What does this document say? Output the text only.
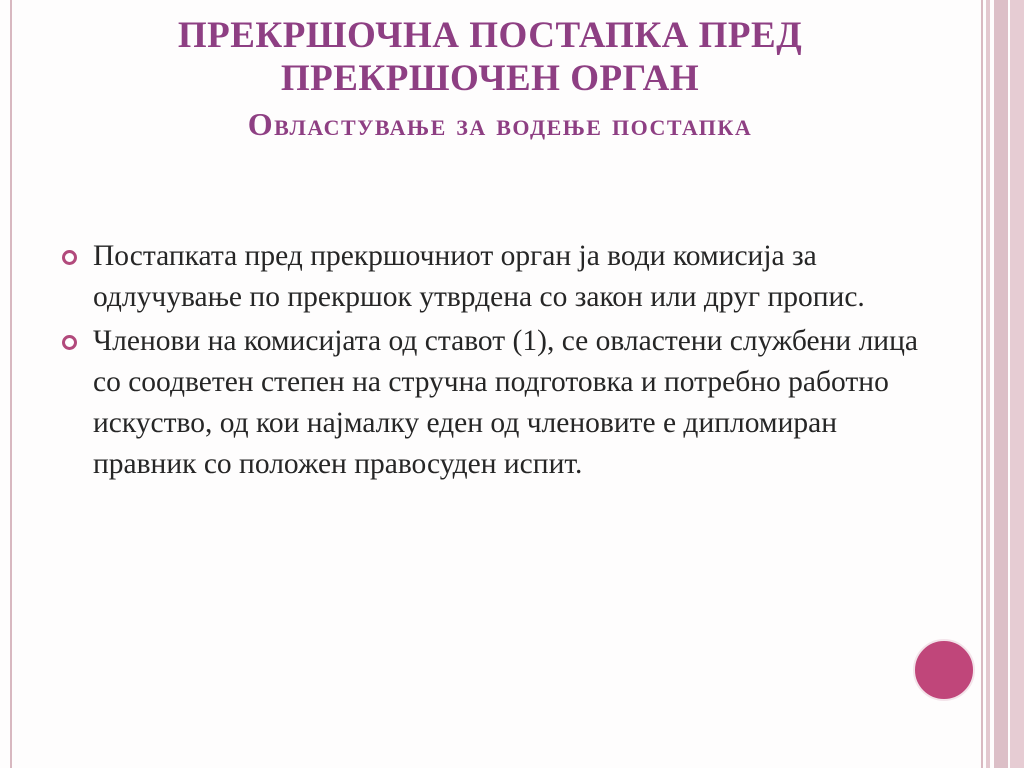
ПРЕКРШОЧНА ПОСТАПКА ПРЕД
ПРЕКРШОЧЕН ОРГАН
Овластување за водење постапка
Постапката пред прекршочниот орган ја води комисија за одлучување по прекршок утврдена со закон или друг пропис.
Членови на комисијата од ставот (1), се овластени службени лица со соодветен степен на стручна подготовка и потребно работно искуство, од кои најмалку еден од членовите е дипломиран правник со положен правосуден испит.
